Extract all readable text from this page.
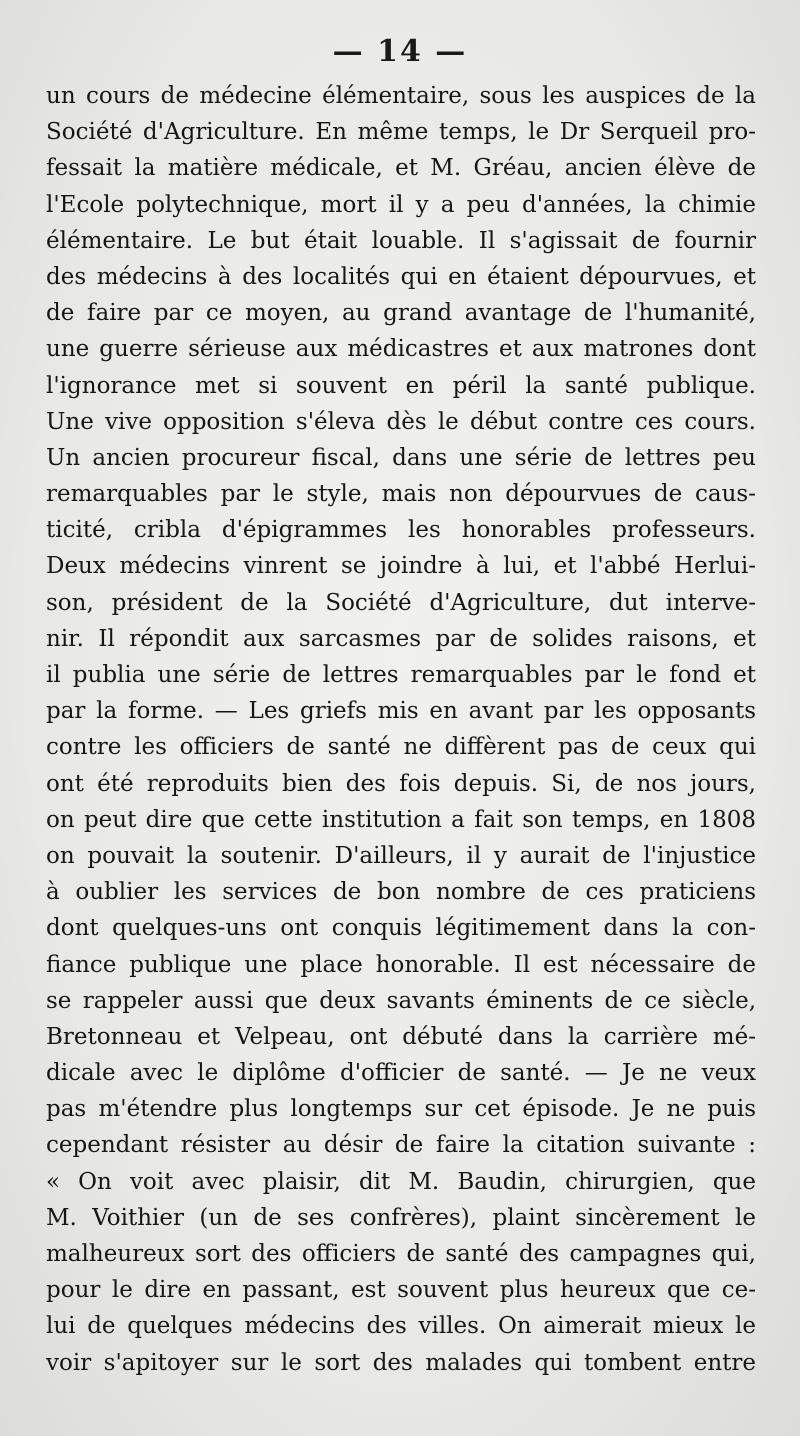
— 14 —
un cours de médecine élémentaire, sous les auspices de la
Société d'Agriculture. En même temps, le Dr Serqueil pro-
fessait la matière médicale, et M. Gréau, ancien élève de
l'Ecole polytechnique, mort il y a peu d'années, la chimie
élémentaire. Le but était louable. Il s'agissait de fournir
des médecins à des localités qui en étaient dépourvues, et
de faire par ce moyen, au grand avantage de l'humanité,
une guerre sérieuse aux médicastres et aux matrones dont
l'ignorance met si souvent en péril la santé publique.
Une vive opposition s'éleva dès le début contre ces cours.
Un ancien procureur fiscal, dans une série de lettres peu
remarquables par le style, mais non dépourvues de caus-
ticité, cribla d'épigrammes les honorables professeurs.
Deux médecins vinrent se joindre à lui, et l'abbé Herlui-
son, président de la Société d'Agriculture, dut interve-
nir. Il répondit aux sarcasmes par de solides raisons, et
il publia une série de lettres remarquables par le fond et
par la forme. — Les griefs mis en avant par les opposants
contre les officiers de santé ne diffèrent pas de ceux qui
ont été reproduits bien des fois depuis. Si, de nos jours,
on peut dire que cette institution a fait son temps, en 1808
on pouvait la soutenir. D'ailleurs, il y aurait de l'injustice
à oublier les services de bon nombre de ces praticiens
dont quelques-uns ont conquis légitimement dans la con-
fiance publique une place honorable. Il est nécessaire de
se rappeler aussi que deux savants éminents de ce siècle,
Bretonneau et Velpeau, ont débuté dans la carrière mé-
dicale avec le diplôme d'officier de santé. — Je ne veux
pas m'étendre plus longtemps sur cet épisode. Je ne puis
cependant résister au désir de faire la citation suivante :
« On voit avec plaisir, dit M. Baudin, chirurgien, que
M. Voithier (un de ses confrères), plaint sincèrement le
malheureux sort des officiers de santé des campagnes qui,
pour le dire en passant, est souvent plus heureux que ce-
lui de quelques médecins des villes. On aimerait mieux le
voir s'apitoyer sur le sort des malades qui tombent entre
